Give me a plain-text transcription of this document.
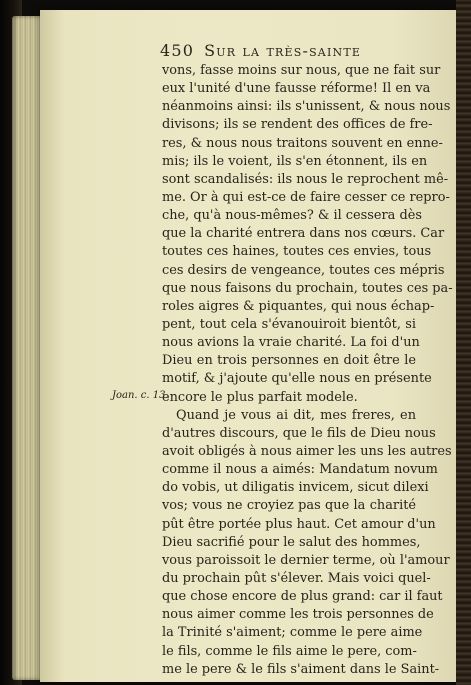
450 Sur la très-sainte
Joan. c. 13.
vons, fasse moins sur nous, que ne fait sur
eux l'unité d'une fausse réforme! Il en va
néanmoins ainsi: ils s'unissent, & nous nous
divisons; ils se rendent des offices de fre-
res, & nous nous traitons souvent en enne-
mis; ils le voient, ils s'en étonnent, ils en
sont scandalisés: ils nous le reprochent mê-
me. Or à qui est-ce de faire cesser ce repro-
che, qu'à nous-mêmes? & il cessera dès
que la charité entrera dans nos cœurs. Car
toutes ces haines, toutes ces envies, tous
ces desirs de vengeance, toutes ces mépris
que nous faisons du prochain, toutes ces pa-
roles aigres & piquantes, qui nous échap-
pent, tout cela s'évanouiroit bientôt, si
nous avions la vraie charité. La foi d'un
Dieu en trois personnes en doit être le
motif, & j'ajoute qu'elle nous en présente
encore le plus parfait modele.
Quand je vous ai dit, mes freres, en
d'autres discours, que le fils de Dieu nous
avoit obligés à nous aimer les uns les autres
comme il nous a aimés: Mandatum novum
do vobis, ut diligatis invicem, sicut dilexi
vos; vous ne croyiez pas que la charité
pût être portée plus haut. Cet amour d'un
Dieu sacrifié pour le salut des hommes,
vous paroissoit le dernier terme, où l'amour
du prochain pût s'élever. Mais voici quel-
que chose encore de plus grand: car il faut
nous aimer comme les trois personnes de
la Trinité s'aiment; comme le pere aime
le fils, comme le fils aime le pere, com-
me le pere & le fils s'aiment dans le Saint-
